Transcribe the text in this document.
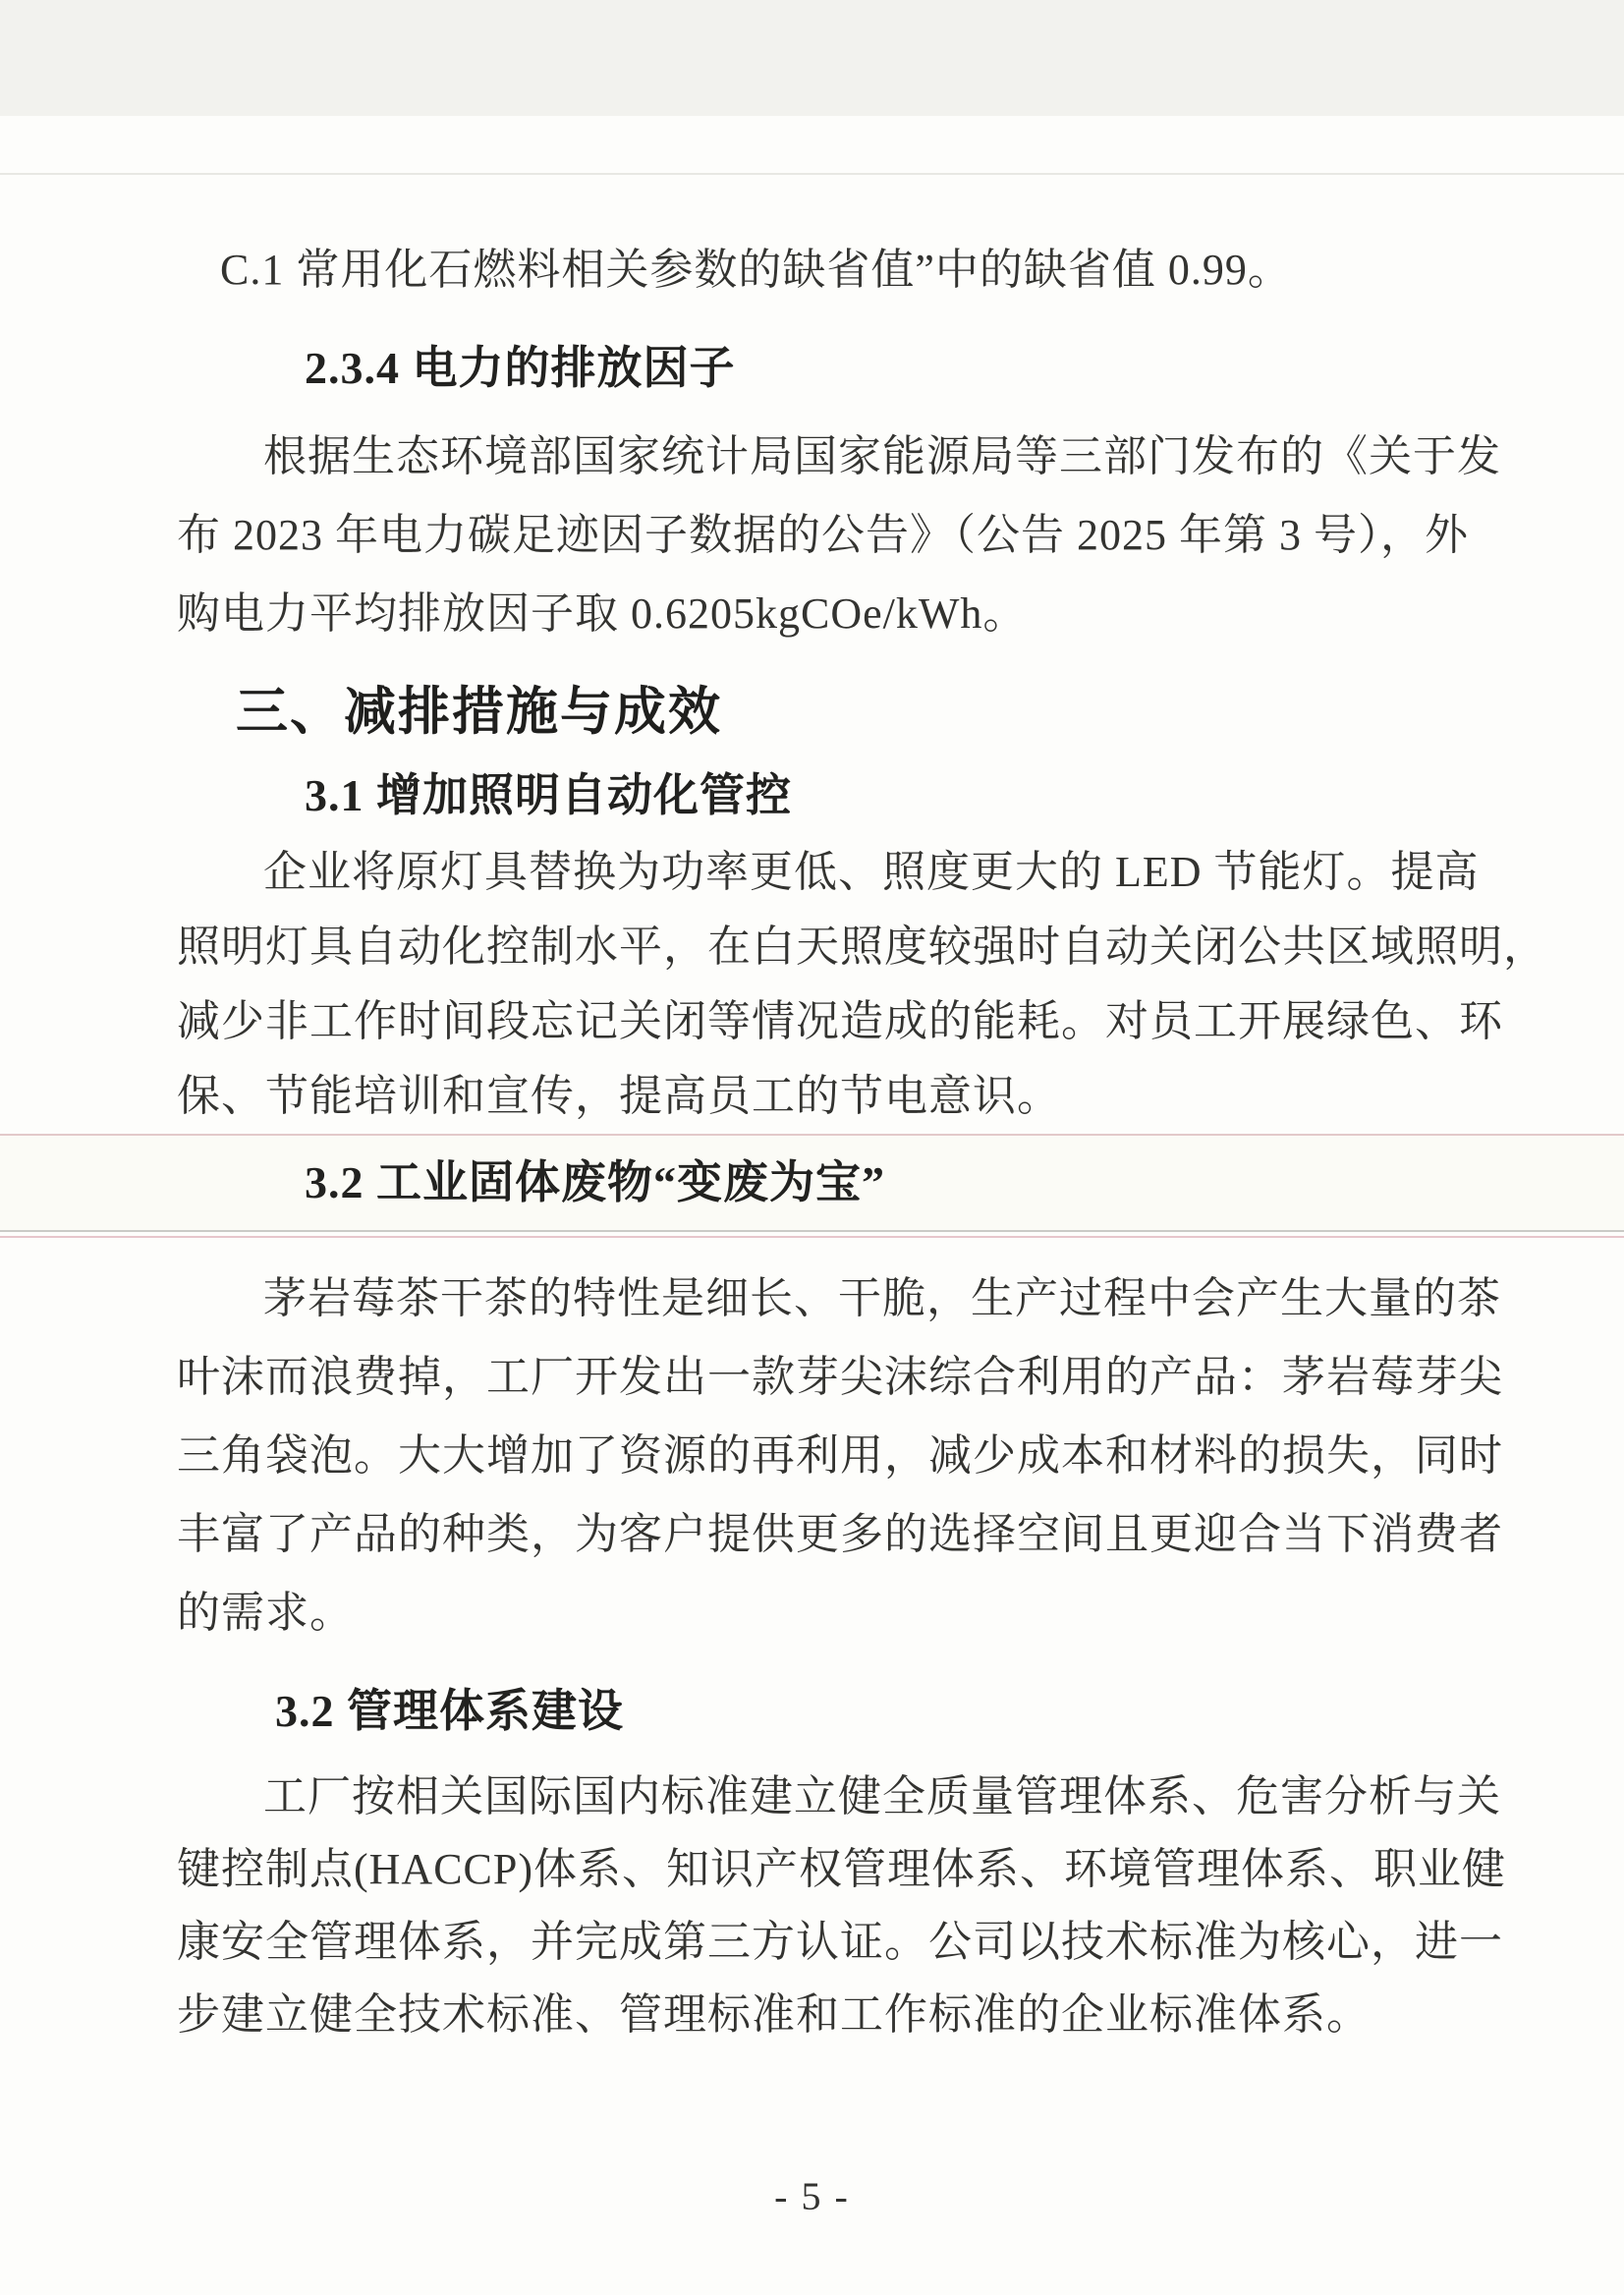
C.1 常用化石燃料相关参数的缺省值”中的缺省值 0.99。
2.3.4 电力的排放因子
根据生态环境部国家统计局国家能源局等三部门发布的《关于发
布 2023 年电力碳足迹因子数据的公告》（公告 2025 年第 3 号），外
购电力平均排放因子取 0.6205kgCOe/kWh。
三、减排措施与成效
3.1 增加照明自动化管控
企业将原灯具替换为功率更低、照度更大的 LED 节能灯。提高
照明灯具自动化控制水平，在白天照度较强时自动关闭公共区域照明，
减少非工作时间段忘记关闭等情况造成的能耗。对员工开展绿色、环
保、节能培训和宣传，提高员工的节电意识。
3.2 工业固体废物“变废为宝”
茅岩莓茶干茶的特性是细长、干脆，生产过程中会产生大量的茶
叶沫而浪费掉，工厂开发出一款芽尖沫综合利用的产品：茅岩莓芽尖
三角袋泡。大大增加了资源的再利用，减少成本和材料的损失，同时
丰富了产品的种类，为客户提供更多的选择空间且更迎合当下消费者
的需求。
3.2 管理体系建设
工厂按相关国际国内标准建立健全质量管理体系、危害分析与关
键控制点(HACCP)体系、知识产权管理体系、环境管理体系、职业健
康安全管理体系，并完成第三方认证。公司以技术标准为核心，进一
步建立健全技术标准、管理标准和工作标准的企业标准体系。
- 5 -
